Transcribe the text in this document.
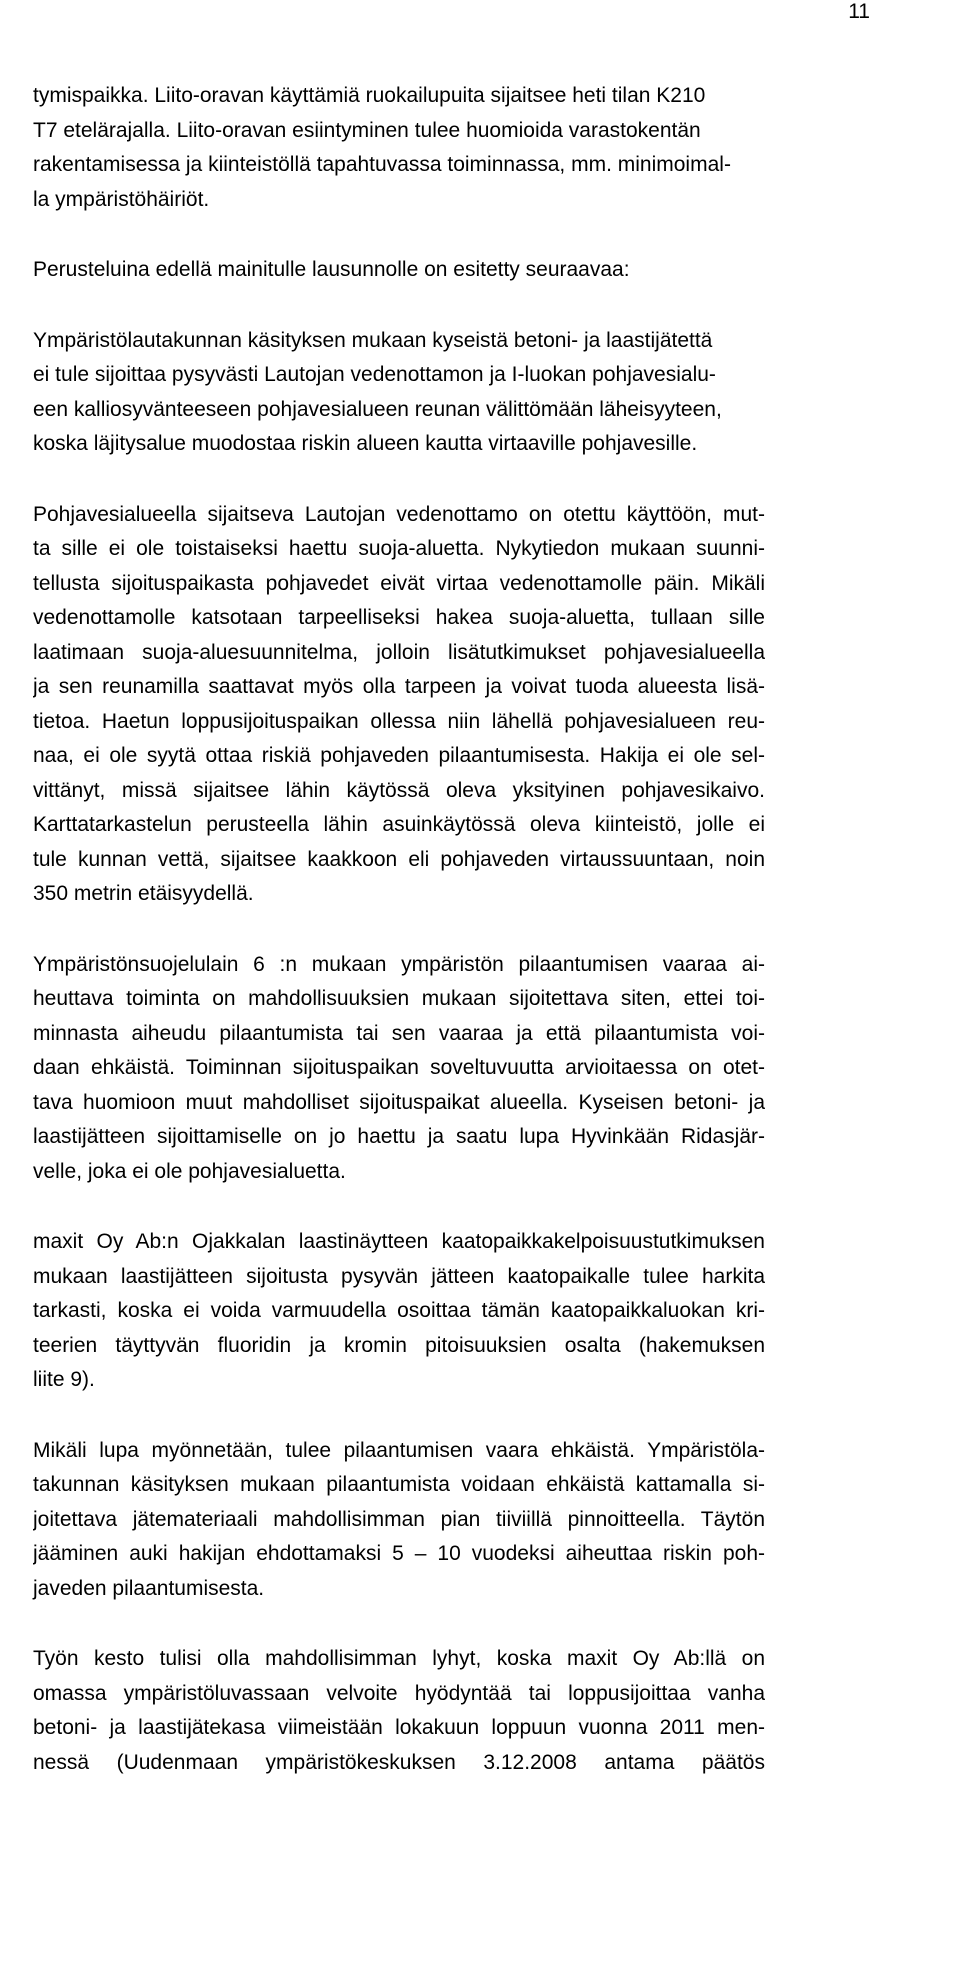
11
tymispaikka. Liito-oravan käyttämiä ruokailupuita sijaitsee heti tilan K210
T7 etelärajalla. Liito-oravan esiintyminen tulee huomioida varastokentän
rakentamisessa ja kiinteistöllä tapahtuvassa toiminnassa, mm. minimoimal-
la ympäristöhäiriöt.
Perusteluina edellä mainitulle lausunnolle on esitetty seuraavaa:
Ympäristölautakunnan käsityksen mukaan kyseistä betoni- ja laastijätettä
ei tule sijoittaa pysyvästi Lautojan vedenottamon ja I-luokan pohjavesialu-
een kalliosyvänteeseen pohjavesialueen reunan välittömään läheisyyteen,
koska läjitysalue muodostaa riskin alueen kautta virtaaville pohjavesille.
Pohjavesialueella sijaitseva Lautojan vedenottamo on otettu käyttöön, mut-
ta sille ei ole toistaiseksi haettu suoja-aluetta. Nykytiedon mukaan suunni-
tellusta sijoituspaikasta pohjavedet eivät virtaa vedenottamolle päin. Mikäli
vedenottamolle katsotaan tarpeelliseksi hakea suoja-aluetta, tullaan sille
laatimaan suoja-aluesuunnitelma, jolloin lisätutkimukset pohjavesialueella
ja sen reunamilla saattavat myös olla tarpeen ja voivat tuoda alueesta lisä-
tietoa. Haetun loppusijoituspaikan ollessa niin lähellä pohjavesialueen reu-
naa, ei ole syytä ottaa riskiä pohjaveden pilaantumisesta. Hakija ei ole sel-
vittänyt, missä sijaitsee lähin käytössä oleva yksityinen pohjavesikaivo.
Karttatarkastelun perusteella lähin asuinkäytössä oleva kiinteistö, jolle ei
tule kunnan vettä, sijaitsee kaakkoon eli pohjaveden virtaussuuntaan, noin
350 metrin etäisyydellä.
Ympäristönsuojelulain 6 :n mukaan ympäristön pilaantumisen vaaraa ai-
heuttava toiminta on mahdollisuuksien mukaan sijoitettava siten, ettei toi-
minnasta aiheudu pilaantumista tai sen vaaraa ja että pilaantumista voi-
daan ehkäistä. Toiminnan sijoituspaikan soveltuvuutta arvioitaessa on otet-
tava huomioon muut mahdolliset sijoituspaikat alueella. Kyseisen betoni- ja
laastijätteen sijoittamiselle on jo haettu ja saatu lupa Hyvinkään Ridasjär-
velle, joka ei ole pohjavesialuetta.
maxit Oy Ab:n Ojakkalan laastinäytteen kaatopaikkakelpoisuustutkimuksen
mukaan laastijätteen sijoitusta pysyvän jätteen kaatopaikalle tulee harkita
tarkasti, koska ei voida varmuudella osoittaa tämän kaatopaikkaluokan kri-
teerien täyttyvän fluoridin ja kromin pitoisuuksien osalta (hakemuksen
liite 9).
Mikäli lupa myönnetään, tulee pilaantumisen vaara ehkäistä. Ympäristöla-
takunnan käsityksen mukaan pilaantumista voidaan ehkäistä kattamalla si-
joitettava jätemateriaali mahdollisimman pian tiiviillä pinnoitteella. Täytön
jääminen auki hakijan ehdottamaksi 5 – 10 vuodeksi aiheuttaa riskin poh-
javeden pilaantumisesta.
Työn kesto tulisi olla mahdollisimman lyhyt, koska maxit Oy Ab:llä on
omassa ympäristöluvassaan velvoite hyödyntää tai loppusijoittaa vanha
betoni- ja laastijätekasa viimeistään lokakuun loppuun vuonna 2011 men-
nessä (Uudenmaan ympäristökeskuksen 3.12.2008 antama päätös
